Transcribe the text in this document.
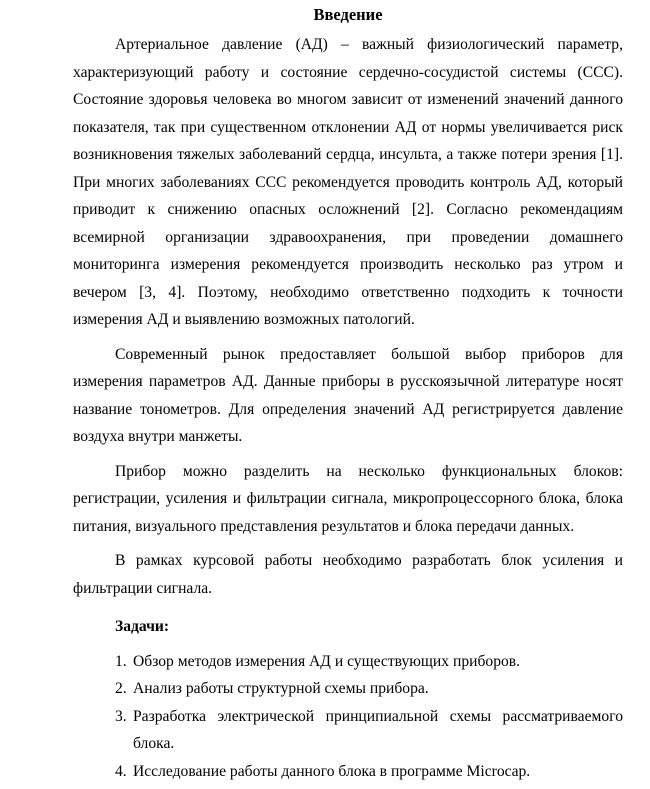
Введение

Артериальное давление (АД) – важный физиологический параметр, характеризующий работу и состояние сердечно-сосудистой системы (ССС). Состояние здоровья человека во многом зависит от изменений значений данного показателя, так при существенном отклонении АД от нормы увеличивается риск возникновения тяжелых заболеваний сердца, инсульта, а также потери зрения [1]. При многих заболеваниях ССС рекомендуется проводить контроль АД, который приводит к снижению опасных осложнений [2]. Согласно рекомендациям всемирной организации здравоохранения, при проведении домашнего мониторинга измерения рекомендуется производить несколько раз утром и вечером [3, 4]. Поэтому, необходимо ответственно подходить к точности измерения АД и выявлению возможных патологий.

Современный рынок предоставляет большой выбор приборов для измерения параметров АД. Данные приборы в русскоязычной литературе носят название тонометров. Для определения значений АД регистрируется давление воздуха внутри манжеты.

Прибор можно разделить на несколько функциональных блоков: регистрации, усиления и фильтрации сигнала, микропроцессорного блока, блока питания, визуального представления результатов и блока передачи данных.

В рамках курсовой работы необходимо разработать блок усиления и фильтрации сигнала.

Задачи:
1. Обзор методов измерения АД и существующих приборов.
2. Анализ работы структурной схемы прибора.
3. Разработка электрической принципиальной схемы рассматриваемого блока.
4. Исследование работы данного блока в программе Microcap.
